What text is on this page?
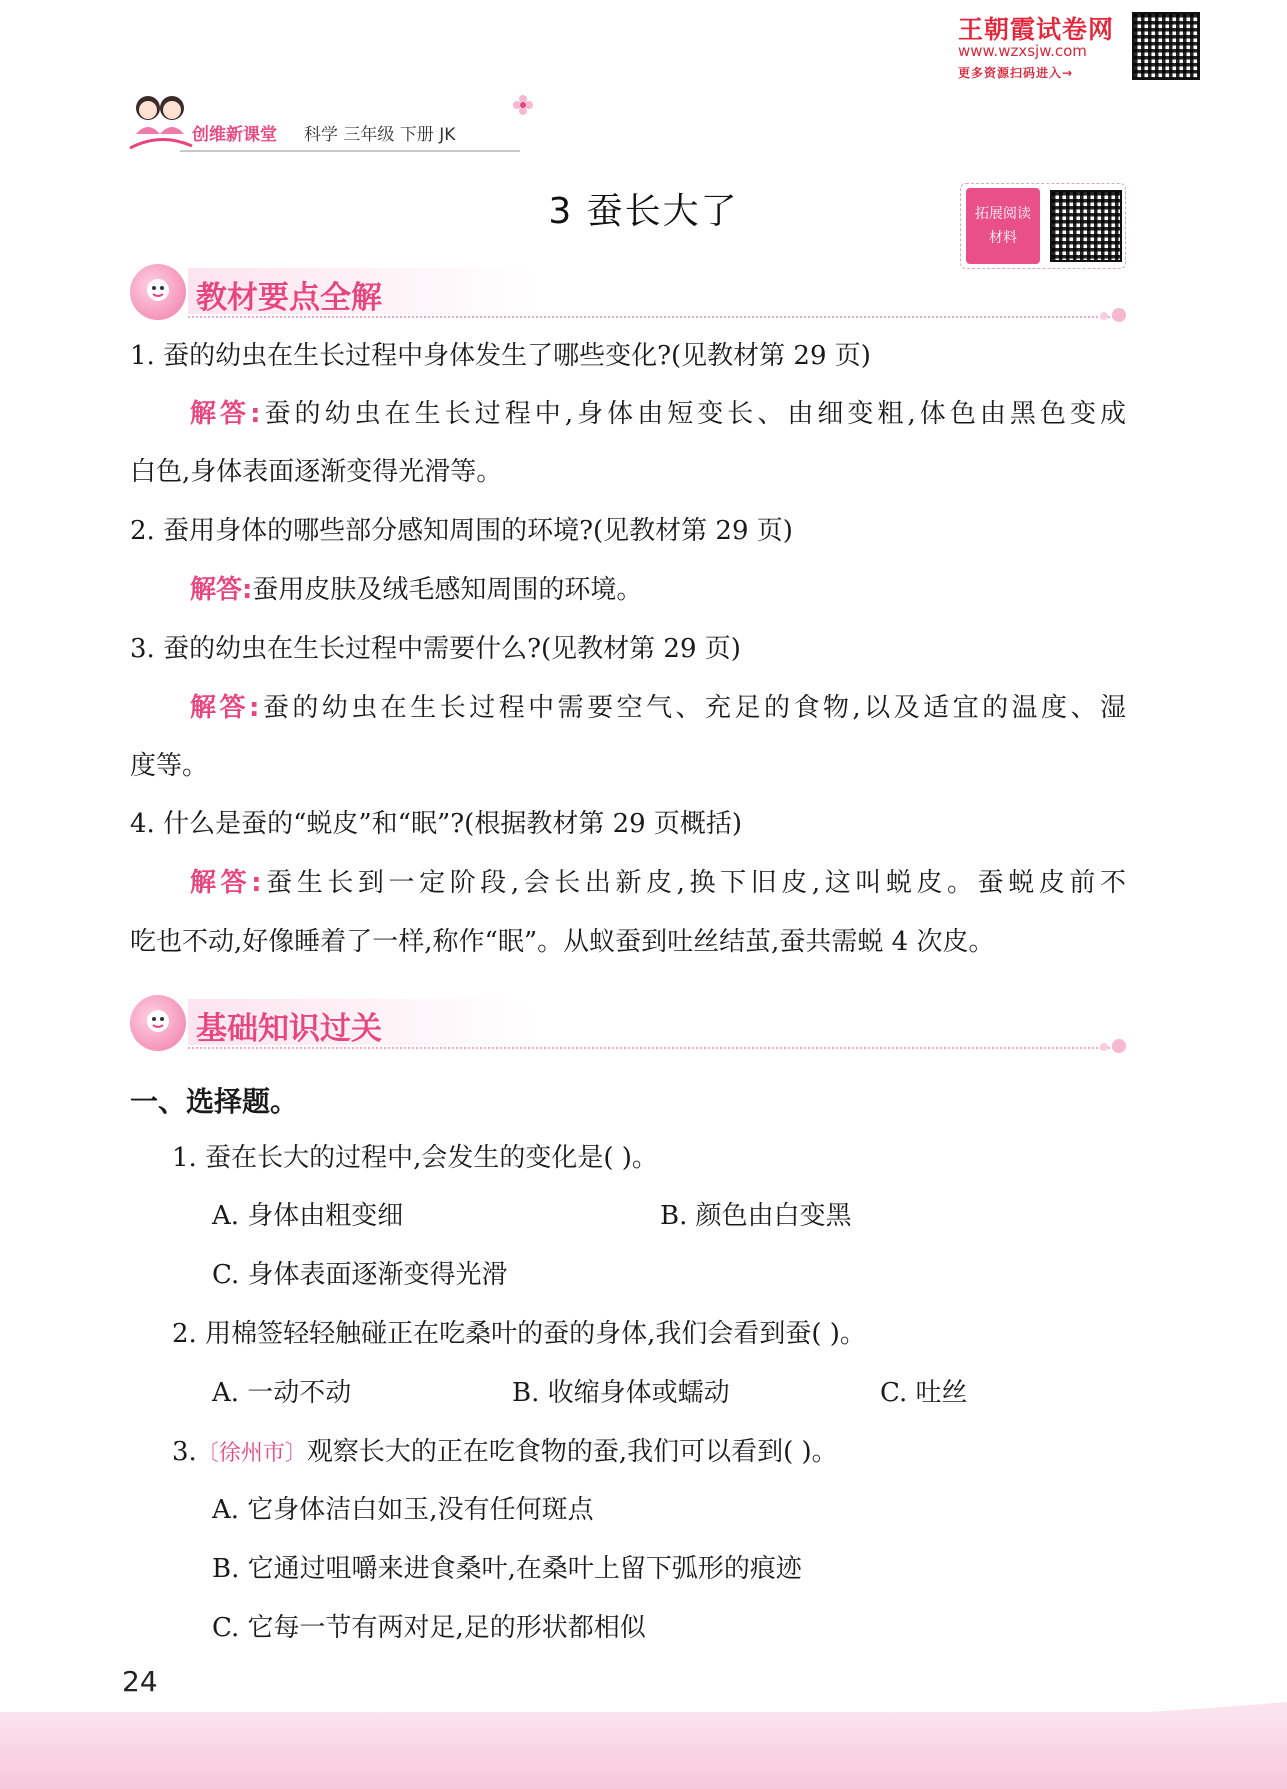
王朝霞试卷网
www.wzxsjw.com
更多资源扫码进入→
创维新课堂 科学 三年级 下册 JK
3 蚕长大了	拓展阅读
材料
教材要点全解
1. 蚕的幼虫在生长过程中身体发生了哪些变化?(见教材第 29 页)
解答:蚕的幼虫在生长过程中,身体由短变长、由细变粗,体色由黑色变成
白色,身体表面逐渐变得光滑等。
2. 蚕用身体的哪些部分感知周围的环境?(见教材第 29 页)
解答:蚕用皮肤及绒毛感知周围的环境。
3. 蚕的幼虫在生长过程中需要什么?(见教材第 29 页)
解答:蚕的幼虫在生长过程中需要空气、充足的食物,以及适宜的温度、湿
度等。
4. 什么是蚕的“蜕皮”和“眠”?(根据教材第 29 页概括)
解答:蚕生长到一定阶段,会长出新皮,换下旧皮,这叫蜕皮。蚕蜕皮前不
吃也不动,好像睡着了一样,称作“眠”。从蚁蚕到吐丝结茧,蚕共需蜕 4 次皮。
基础知识过关
一、选择题。
1. 蚕在长大的过程中,会发生的变化是( )。
A. 身体由粗变细	B. 颜色由白变黑
C. 身体表面逐渐变得光滑
2. 用棉签轻轻触碰正在吃桑叶的蚕的身体,我们会看到蚕( )。
A. 一动不动	B. 收缩身体或蠕动	C. 吐丝
3.〔徐州市〕观察长大的正在吃食物的蚕,我们可以看到( )。
A. 它身体洁白如玉,没有任何斑点
B. 它通过咀嚼来进食桑叶,在桑叶上留下弧形的痕迹
C. 它每一节有两对足,足的形状都相似
24
